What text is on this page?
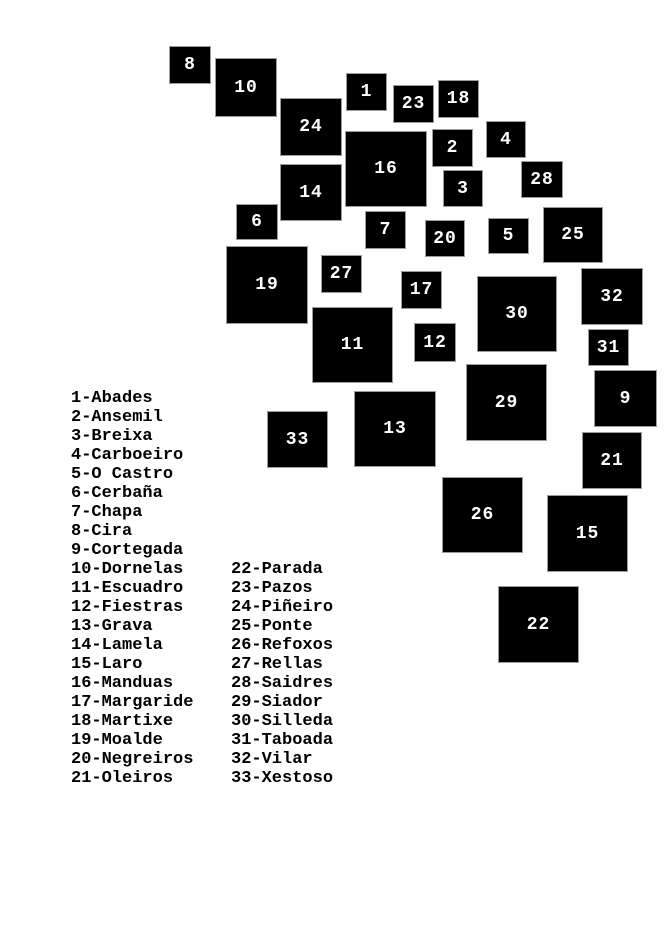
1
2
3
4
5
6	7
8
9
10
11	12
13
14
15
16
17
18
19
20
21
22
23
24
25
26
27
28
29
30
31
32
33
1-Abades
2-Ansemil
3-Breixa
4-Carboeiro
5-O Castro
6-Cerbaña
7-Chapa
8-Cira
9-Cortegada
10-Dornelas
11-Escuadro
12-Fiestras
13-Grava
14-Lamela
15-Laro
16-Manduas
17-Margaride
18-Martixe
19-Moalde
20-Negreiros
21-Oleiros
22-Parada
23-Pazos
24-Piñeiro
25-Ponte
26-Refoxos
27-Rellas
28-Saidres
29-Siador
30-Silleda
31-Taboada
32-Vilar
33-Xestoso
